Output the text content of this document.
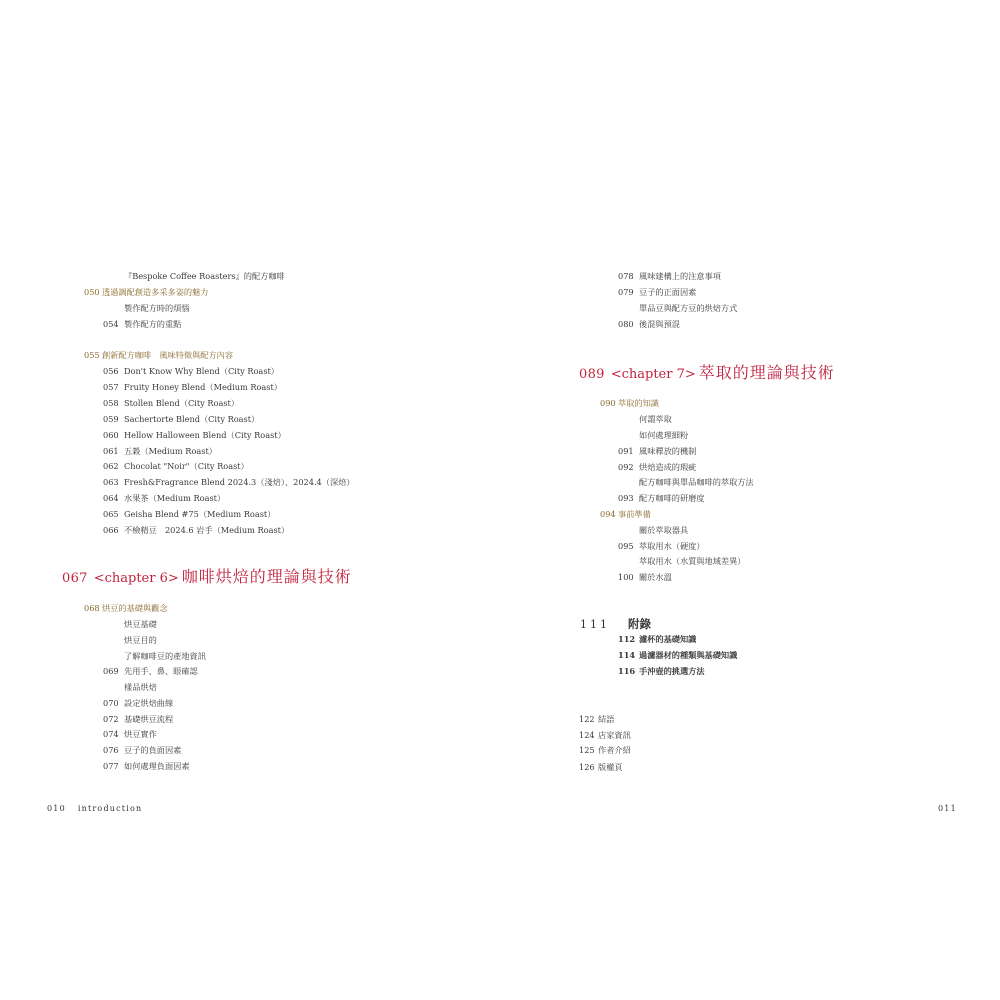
『Bespoke Coffee Roasters』的配方咖啡
050 透過調配創造多采多姿的魅力
製作配方時的煩惱
054 製作配方的重點
055 創新配方咖啡　風味特徵與配方內容
056 Don't Know Why Blend（City Roast）
057 Fruity Honey Blend（Medium Roast）
058 Stollen Blend（City Roast）
059 Sachertorte Blend（City Roast）
060 Hellow Halloween Blend（City Roast）
061 五穀（Medium Roast）
062 Chocolat "Noir"（City Roast）
063 Fresh&Fragrance Blend 2024.3（淺焙）、2024.4（深焙）
064 水果茶（Medium Roast）
065 Geisha Blend #75（Medium Roast）
066 不檢精豆　2024.6 岩手（Medium Roast）
068 烘豆的基礎與觀念
烘豆基礎
烘豆目的
了解咖啡豆的產地資訊
069 先用手、鼻、眼確認
樣品烘焙
070 設定烘焙曲線
072 基礎烘豆流程
074 烘豆實作
076 豆子的負面因素
077 如何處理負面因素
067 <chapter 6> 咖啡烘焙的理論與技術
010 introduction
078 風味建構上的注意事項
079 豆子的正面因素
單品豆與配方豆的烘焙方式
080 後混與預混
090 萃取的知識
何謂萃取
如何處理細粉
091 風味釋放的機制
092 烘焙造成的瑕疵
配方咖啡與單品咖啡的萃取方法
093 配方咖啡的研磨度
094 事前準備
關於萃取器具
095 萃取用水（硬度）
萃取用水（水質與地域差異）
100 關於水溫
112 濾杯的基礎知識
114 過濾器材的種類與基礎知識
116 手沖壺的挑選方法
122 結語
124 店家資訊
125 作者介紹
126 版權頁
089 <chapter 7> 萃取的理論與技術
111 附錄
011
